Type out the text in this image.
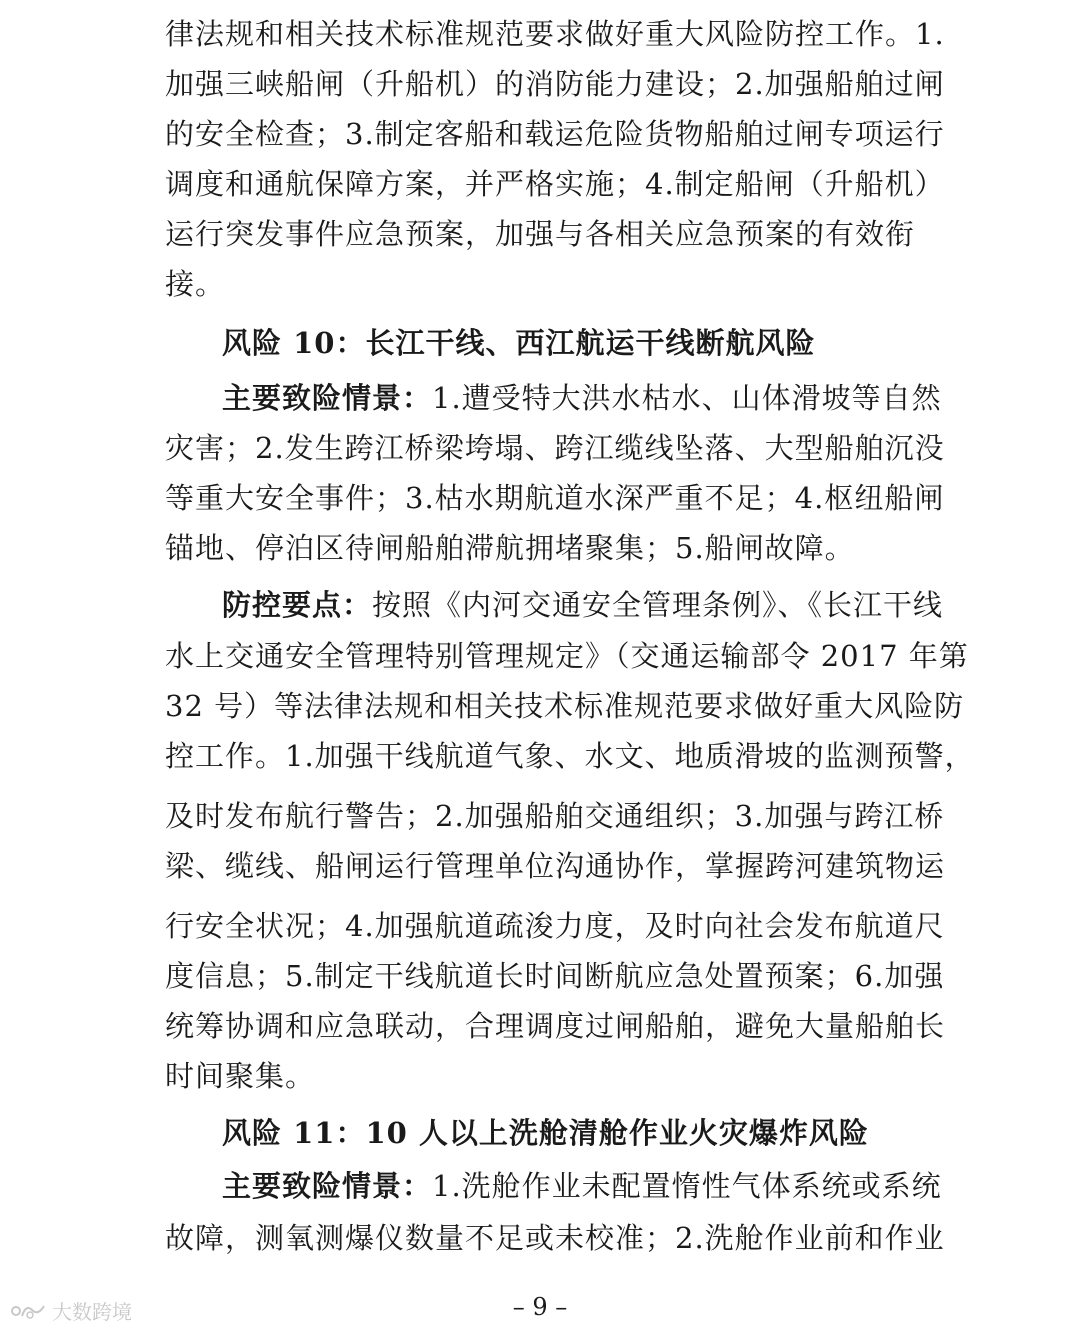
律法规和相关技术标准规范要求做好重大风险防控工作。1.
加强三峡船闸（升船机）的消防能力建设；2.加强船舶过闸
的安全检查；3.制定客船和载运危险货物船舶过闸专项运行
调度和通航保障方案，并严格实施；4.制定船闸（升船机）
运行突发事件应急预案，加强与各相关应急预案的有效衔
接。
风险 10：长江干线、西江航运干线断航风险
主要致险情景：1.遭受特大洪水枯水、山体滑坡等自然
灾害；2.发生跨江桥梁垮塌、跨江缆线坠落、大型船舶沉没
等重大安全事件；3.枯水期航道水深严重不足；4.枢纽船闸
锚地、停泊区待闸船舶滞航拥堵聚集；5.船闸故障。
防控要点：按照《内河交通安全管理条例》、《长江干线
水上交通安全管理特别管理规定》（交通运输部令 2017 年第
32 号）等法律法规和相关技术标准规范要求做好重大风险防
控工作。1.加强干线航道气象、水文、地质滑坡的监测预警，
及时发布航行警告；2.加强船舶交通组织；3.加强与跨江桥
梁、缆线、船闸运行管理单位沟通协作，掌握跨河建筑物运
行安全状况；4.加强航道疏浚力度，及时向社会发布航道尺
度信息；5.制定干线航道长时间断航应急处置预案；6.加强
统筹协调和应急联动，合理调度过闸船舶，避免大量船舶长
时间聚集。
风险 11：10 人以上洗舱清舱作业火灾爆炸风险
主要致险情景：1.洗舱作业未配置惰性气体系统或系统
故障，测氧测爆仪数量不足或未校准；2.洗舱作业前和作业
– 9 –
大数跨境
